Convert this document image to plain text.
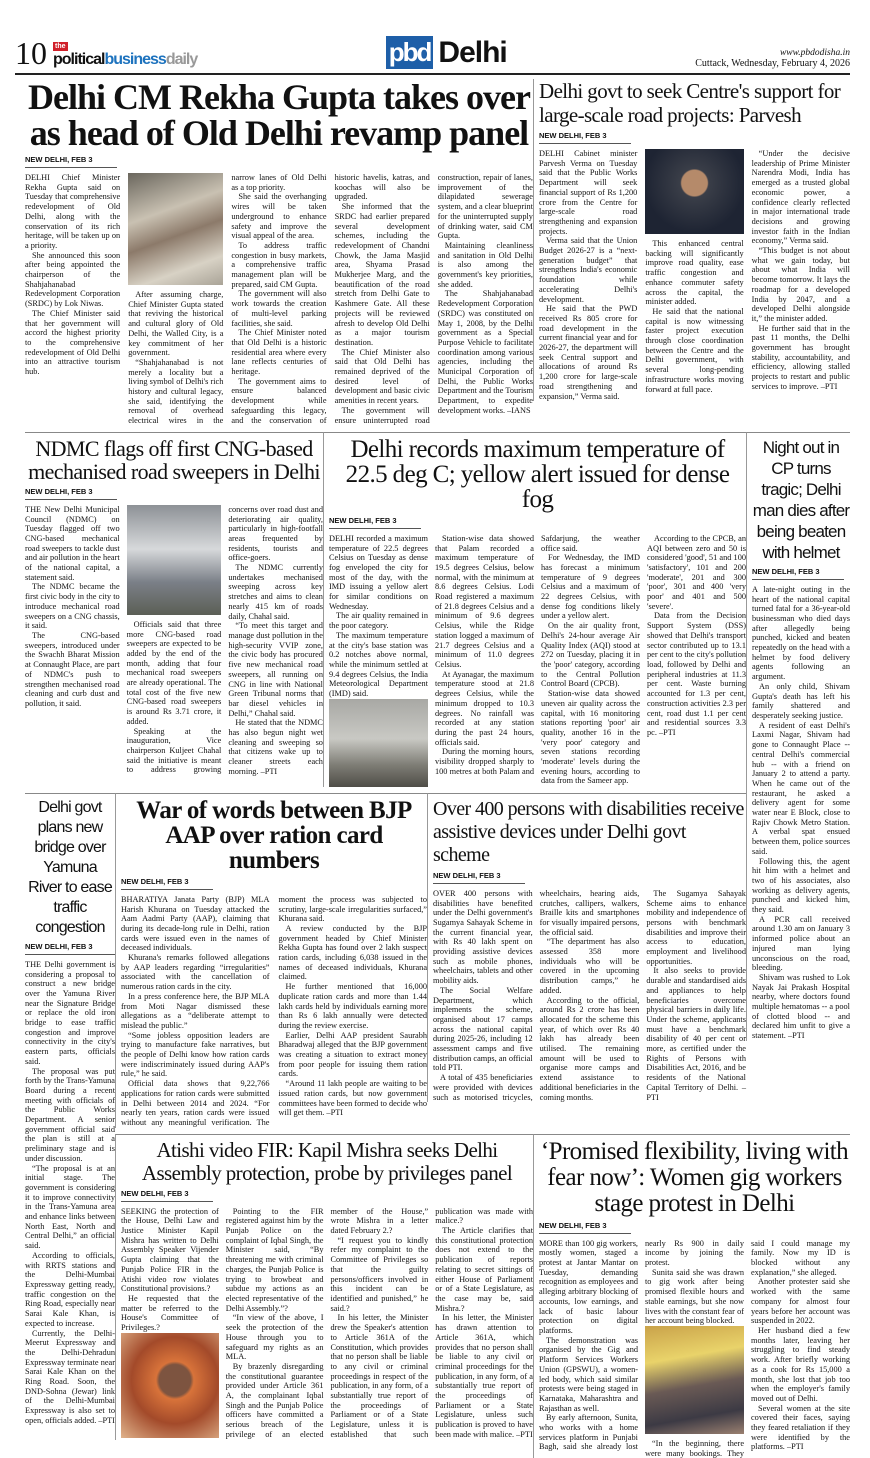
10 the
politicalbusinessdaily	pbd Delhi	www.pbdodisha.in
Cuttack, Wednesday, February 4, 2026
Delhi CM Rekha Gupta takes over as head of Old Delhi revamp panel
NEW DELHI, FEB 3

DELHI Chief Minister Rekha Gupta said on Tuesday that comprehensive redevelopment of Old Delhi, along with the conservation of its rich heritage, will be taken up on a priority.

She announced this soon after being appointed the chairperson of the Shahjahanabad Redevelopment Corporation (SRDC) by Lok Niwas.

The Chief Minister said that her government will accord the highest priority to the comprehensive redevelopment of Old Delhi into an attractive tourism hub.

After assuming charge, Chief Minister Gupta stated that reviving the historical and cultural glory of Old Delhi, the Walled City, is a key commitment of her government.

“Shahjahanabad is not merely a locality but a living symbol of Delhi's rich history and cultural legacy, she said, identifying the removal of overhead electrical wires in the narrow lanes of Old Delhi as a top priority.

She said the overhanging wires will be taken underground to enhance safety and improve the visual appeal of the area.

To address traffic congestion in busy markets, a comprehensive traffic management plan will be prepared, said CM Gupta.

The government will also work towards the creation of multi-level parking facilities, she said.

The Chief Minister noted that Old Delhi is a historic residential area where every lane reflects centuries of heritage.

The government aims to ensure balanced development while safeguarding this legacy, and the conservation of historic havelis, katras, and koochas will also be upgraded.

She informed that the SRDC had earlier prepared several development schemes, including the redevelopment of Chandni Chowk, the Jama Masjid area, Shyama Prasad Mukherjee Marg, and the beautification of the road stretch from Delhi Gate to Kashmere Gate. All these projects will be reviewed afresh to develop Old Delhi as a major tourism destination.

The Chief Minister also said that Old Delhi has remained deprived of the desired level of development and basic civic amenities in recent years.

The government will ensure uninterrupted road construction, repair of lanes, improvement of the dilapidated sewerage system, and a clear blueprint for the uninterrupted supply of drinking water, said CM Gupta.

Maintaining cleanliness and sanitation in Old Delhi is also among the government's key priorities, she added.

The Shahjahanabad Redevelopment Corporation (SRDC) was constituted on May 1, 2008, by the Delhi government as a Special Purpose Vehicle to facilitate coordination among various agencies, including the Municipal Corporation of Delhi, the Public Works Department and the Tourism Department, to expedite development works. –IANS

Delhi govt to seek Centre's support for large-scale road projects: Parvesh
NEW DELHI, FEB 3

DELHI Cabinet minister Parvesh Verma on Tuesday said that the Public Works Department will seek financial support of Rs 1,200 crore from the Centre for large-scale road strengthening and expansion projects.

Verma said that the Union Budget 2026-27 is a “next-generation budget” that strengthens India's economic foundation while accelerating Delhi's development.

He said that the PWD received Rs 805 crore for road development in the current financial year and for 2026-27, the department will seek Central support and allocations of around Rs 1,200 crore for large-scale road strengthening and expansion,” Verma said.

This enhanced central backing will significantly improve road quality, ease traffic congestion and enhance commuter safety across the capital, the minister added.

He said that the national capital is now witnessing faster project execution through close coordination between the Centre and the Delhi government, with several long-pending infrastructure works moving forward at full pace.

“Under the decisive leadership of Prime Minister Narendra Modi, India has emerged as a trusted global economic power, a confidence clearly reflected in major international trade decisions and growing investor faith in the Indian economy,” Verma said.

“This budget is not about what we gain today, but about what India will become tomorrow. It lays the roadmap for a developed India by 2047, and a developed Delhi alongside it,” the minister added.

He further said that in the past 11 months, the Delhi government has brought stability, accountability, and efficiency, allowing stalled projects to restart and public services to improve. –PTI

NDMC flags off first CNG-based mechanised road sweepers in Delhi
NEW DELHI, FEB 3

THE New Delhi Municipal Council (NDMC) on Tuesday flagged off two CNG-based mechanical road sweepers to tackle dust and air pollution in the heart of the national capital, a statement said.

The NDMC became the first civic body in the city to introduce mechanical road sweepers on a CNG chassis, it said.

The CNG-based sweepers, introduced under the Swachh Bharat Mission at Connaught Place, are part of NDMC's push to strengthen mechanised road cleaning and curb dust and pollution, it said.

Officials said that three more CNG-based road sweepers are expected to be added by the end of the month, adding that four mechanical road sweepers are already operational. The total cost of the five new CNG-based road sweepers is around Rs 3.71 crore, it added.

Speaking at the inauguration, Vice chairperson Kuljeet Chahal said the initiative is meant to address growing concerns over road dust and deteriorating air quality, particularly in high-footfall areas frequented by residents, tourists and office-goers.

The NDMC currently undertakes mechanised sweeping across key stretches and aims to clean nearly 415 km of roads daily, Chahal said.

“To meet this target and manage dust pollution in the high-security VVIP zone, the civic body has procured five new mechanical road sweepers, all running on CNG in line with National Green Tribunal norms that bar diesel vehicles in Delhi,” Chahal said.

He stated that the NDMC has also begun night wet cleaning and sweeping so that citizens wake up to cleaner streets each morning. –PTI

Delhi records maximum temperature of 22.5 deg C; yellow alert issued for dense fog
NEW DELHI, FEB 3

DELHI recorded a maximum temperature of 22.5 degrees Celsius on Tuesday as dense fog enveloped the city for most of the day, with the IMD issuing a yellow alert for similar conditions on Wednesday.

The air quality remained in the poor category.

The maximum temperature at the city's base station was 0.2 notches above normal, while the minimum settled at 9.4 degrees Celsius, the India Meteorological Department (IMD) said.

Station-wise data showed that Palam recorded a maximum temperature of 19.5 degrees Celsius, below normal, with the minimum at 8.6 degrees Celsius. Lodi Road registered a maximum of 21.8 degrees Celsius and a minimum of 9.6 degrees Celsius, while the Ridge station logged a maximum of 21.7 degrees Celsius and a minimum of 11.0 degrees Celsius.

At Ayanagar, the maximum temperature stood at 21.8 degrees Celsius, while the minimum dropped to 10.3 degrees. No rainfall was recorded at any station during the past 24 hours, officials said.

During the morning hours, visibility dropped sharply to 100 metres at both Palam and Safdarjung, the weather office said.

For Wednesday, the IMD has forecast a minimum temperature of 9 degrees Celsius and a maximum of 22 degrees Celsius, with dense fog conditions likely under a yellow alert.

On the air quality front, Delhi's 24-hour average Air Quality Index (AQI) stood at 272 on Tuesday, placing it in the 'poor' category, according to the Central Pollution Control Board (CPCB).

Station-wise data showed uneven air quality across the capital, with 16 monitoring stations reporting 'poor' air quality, another 16 in the 'very poor' category and seven stations recording 'moderate' levels during the evening hours, according to data from the Sameer app.

According to the CPCB, an AQI between zero and 50 is considered 'good', 51 and 100 'satisfactory', 101 and 200 'moderate', 201 and 300 'poor', 301 and 400 'very poor' and 401 and 500 'severe'.

Data from the Decision Support System (DSS) showed that Delhi's transport sector contributed up to 13.1 per cent to the city's pollution load, followed by Delhi and peripheral industries at 11.3 per cent. Waste burning accounted for 1.3 per cent, construction activities 2.3 per cent, road dust 1.1 per cent and residential sources 3.3 pc. –PTI

Night out in CP turns tragic; Delhi man dies after being beaten with helmet
NEW DELHI, FEB 3

A late-night outing in the heart of the national capital turned fatal for a 36-year-old businessman who died days after allegedly being punched, kicked and beaten repeatedly on the head with a helmet by food delivery agents following an argument.

An only child, Shivam Gupta's death has left his family shattered and desperately seeking justice.

A resident of east Delhi's Laxmi Nagar, Shivam had gone to Connaught Place -- central Delhi's commercial hub -- with a friend on January 2 to attend a party. When he came out of the restaurant, he asked a delivery agent for some water near E Block, close to Rajiv Chowk Metro Station. A verbal spat ensued between them, police sources said.

Following this, the agent hit him with a helmet and two of his associates, also working as delivery agents, punched and kicked him, they said.

A PCR call received around 1.30 am on January 3 informed police about an injured man lying unconscious on the road, bleeding.

Shivam was rushed to Lok Nayak Jai Prakash Hospital nearby, where doctors found multiple hematomas -- a pool of clotted blood -- and declared him unfit to give a statement. –PTI

Delhi govt plans new bridge over Yamuna River to ease traffic congestion
NEW DELHI, FEB 3

THE Delhi government is considering a proposal to construct a new bridge over the Yamuna River near the Signature Bridge or replace the old iron bridge to ease traffic congestion and improve connectivity in the city's eastern parts, officials said.

The proposal was put forth by the Trans-Yamuna Board during a recent meeting with officials of the Public Works Department. A senior government official said the plan is still at a preliminary stage and is under discussion.

“The proposal is at an initial stage. The government is considering it to improve connectivity in the Trans-Yamuna area and enhance links between North East, North and Central Delhi,” an official said.

According to officials, with RRTS stations and the Delhi-Mumbai Expressway getting ready, traffic congestion on the Ring Road, especially near Sarai Kale Khan, is expected to increase.

Currently, the Delhi-Meerut Expressway and the Delhi-Dehradun Expressway terminate near Sarai Kale Khan on the Ring Road. Soon, the DND-Sohna (Jewar) link of the Delhi-Mumbai Expressway is also set to open, officials added. –PTI

War of words between BJP AAP over ration card numbers
NEW DELHI, FEB 3

BHARATIYA Janata Party (BJP) MLA Harish Khurana on Tuesday attacked the Aam Aadmi Party (AAP), claiming that during its decade-long rule in Delhi, ration cards were issued even in the names of deceased individuals.

Khurana's remarks followed allegations by AAP leaders regarding “irregularities” associated with the cancellation of numerous ration cards in the city.

In a press conference here, the BJP MLA from Moti Nagar dismissed these allegations as a “deliberate attempt to mislead the public.”

“Some jobless opposition leaders are trying to manufacture fake narratives, but the people of Delhi know how ration cards were indiscriminately issued during AAP's rule,” he said.

Official data shows that 9,22,766 applications for ration cards were submitted in Delhi between 2014 and 2024. “For nearly ten years, ration cards were issued without any meaningful verification. The moment the process was subjected to scrutiny, large-scale irregularities surfaced,” Khurana said.

A review conducted by the BJP government headed by Chief Minister Rekha Gupta has found over 2 lakh suspect ration cards, including 6,038 issued in the names of deceased individuals, Khurana claimed.

He further mentioned that 16,000 duplicate ration cards and more than 1.44 lakh cards held by individuals earning more than Rs 6 lakh annually were detected during the review exercise.

Earlier, Delhi AAP president Saurabh Bharadwaj alleged that the BJP government was creating a situation to extract money from poor people for issuing them ration cards.

“Around 11 lakh people are waiting to be issued ration cards, but now government committees have been formed to decide who will get them. –PTI

Over 400 persons with disabilities receive assistive devices under Delhi govt scheme
NEW DELHI, FEB 3

OVER 400 persons with disabilities have benefited under the Delhi government's Sugamya Sahayak Scheme in the current financial year, with Rs 40 lakh spent on providing assistive devices such as mobile phones, wheelchairs, tablets and other mobility aids.

The Social Welfare Department, which implements the scheme, organised about 17 camps across the national capital during 2025-26, including 12 assessment camps and five distribution camps, an official told PTI.

A total of 435 beneficiaries were provided with devices such as motorised tricycles, wheelchairs, hearing aids, crutches, callipers, walkers, Braille kits and smartphones for visually impaired persons, the official said.

“The department has also assessed 358 more individuals who will be covered in the upcoming distribution camps,” he added.

According to the official, around Rs 2 crore has been allocated for the scheme this year, of which over Rs 40 lakh has already been utilised. The remaining amount will be used to organise more camps and extend assistance to additional beneficiaries in the coming months.

The Sugamya Sahayak Scheme aims to enhance mobility and independence of persons with benchmark disabilities and improve their access to education, employment and livelihood opportunities.

It also seeks to provide durable and standardised aids and appliances to help beneficiaries overcome physical barriers in daily life. Under the scheme, applicants must have a benchmark disability of 40 per cent or more, as certified under the Rights of Persons with Disabilities Act, 2016, and be residents of the National Capital Territory of Delhi. –PTI

Atishi video FIR: Kapil Mishra seeks Delhi Assembly protection, probe by privileges panel
NEW DELHI, FEB 3

SEEKING the protection of the House, Delhi Law and Justice Minister Kapil Mishra has written to Delhi Assembly Speaker Vijender Gupta claiming that the Punjab Police FIR in the Atishi video row violates Constitutional provisions.?

He requested that the matter be referred to the House's Committee of Privileges.?

Pointing to the FIR registered against him by the Punjab Police on the complaint of Iqbal Singh, the Minister said, “By threatening me with criminal charges, the Punjab Police is trying to browbeat and subdue my actions as an elected representative of the Delhi Assembly.”?

“In view of the above, I seek the protection of the House through you to safeguard my rights as an MLA.

By brazenly disregarding the constitutional guarantee provided under Article 361 A, the complainant Iqbal Singh and the Punjab Police officers have committed a serious breach of the privilege of an elected member of the House,” wrote Mishra in a letter dated February 2.?

“I request you to kindly refer my complaint to the Committee of Privileges so that the guilty persons/officers involved in this incident can be identified and punished,” he said.?

In his letter, the Minister drew the Speaker's attention to Article 361A of the Constitution, which provides that no person shall be liable to any civil or criminal proceedings in respect of the publication, in any form, of a substantially true report of the proceedings of Parliament or of a State Legislature, unless it is established that such publication was made with malice.?

The Article clarifies that this constitutional protection does not extend to the publication of reports relating to secret sittings of either House of Parliament or of a State Legislature, as the case may be, said Mishra.?

In his letter, the Minister has drawn attention to Article 361A, which provides that no person shall be liable to any civil or criminal proceedings for the publication, in any form, of a substantially true report of the proceedings of Parliament or a State Legislature, unless such publication is proved to have been made with malice. –PTI

‘Promised flexibility, living with fear now’: Women gig workers stage protest in Delhi
NEW DELHI, FEB 3

MORE than 100 gig workers, mostly women, staged a protest at Jantar Mantar on Tuesday, demanding recognition as employees and alleging arbitrary blocking of accounts, low earnings, and lack of basic labour protection on digital platforms.

The demonstration was organised by the Gig and Platform Services Workers Union (GPSWU), a women-led body, which said similar protests were being staged in Karnataka, Maharashtra and Rajasthan as well.

By early afternoon, Sunita, who works with a home services platform in Punjabi Bagh, said she already lost nearly Rs 900 in daily income by joining the protest.

Sunita said she was drawn to gig work after being promised flexible hours and stable earnings, but she now lives with the constant fear of her account being blocked.

“In the beginning, there were many bookings. They said I could manage my family. Now my ID is blocked without any explanation,” she alleged.

Another protester said she worked with the same company for almost four years before her account was suspended in 2022.

Her husband died a few months later, leaving her struggling to find steady work. After briefly working as a cook for Rs 15,000 a month, she lost that job too when the employer's family moved out of Delhi.

Several women at the site covered their faces, saying they feared retaliation if they were identified by the platforms. –PTI
